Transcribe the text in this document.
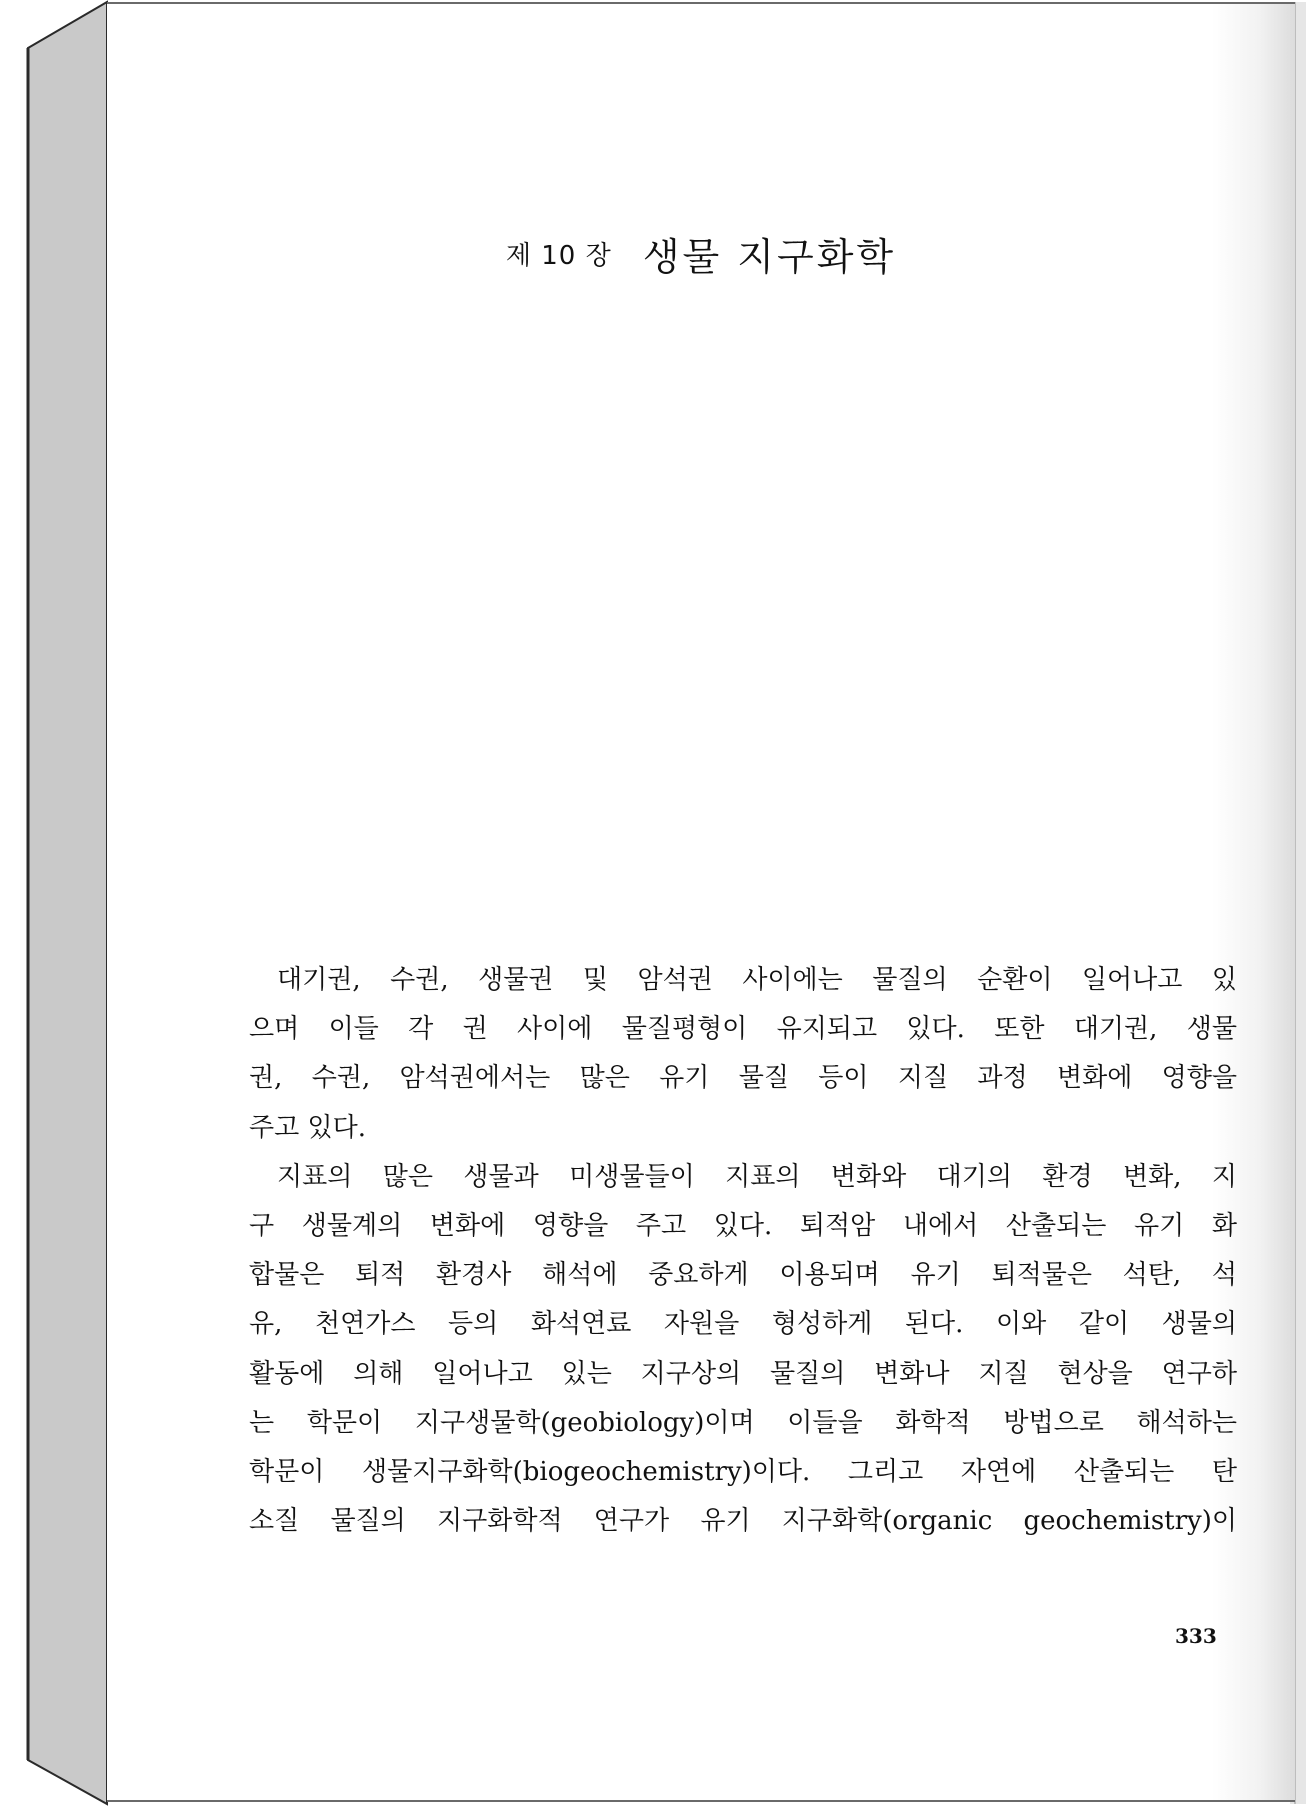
제 10 장 생물 지구화학
대기권, 수권, 생물권 및 암석권 사이에는 물질의 순환이 일어나고 있
으며 이들 각 권 사이에 물질평형이 유지되고 있다. 또한 대기권, 생물
권, 수권, 암석권에서는 많은 유기 물질 등이 지질 과정 변화에 영향을
주고 있다.
지표의 많은 생물과 미생물들이 지표의 변화와 대기의 환경 변화, 지
구 생물계의 변화에 영향을 주고 있다. 퇴적암 내에서 산출되는 유기 화
합물은 퇴적 환경사 해석에 중요하게 이용되며 유기 퇴적물은 석탄, 석
유, 천연가스 등의 화석연료 자원을 형성하게 된다. 이와 같이 생물의
활동에 의해 일어나고 있는 지구상의 물질의 변화나 지질 현상을 연구하
는 학문이 지구생물학(geobiology)이며 이들을 화학적 방법으로 해석하는
학문이 생물지구화학(biogeochemistry)이다. 그리고 자연에 산출되는 탄
소질 물질의 지구화학적 연구가 유기 지구화학(organic geochemistry)이
333
